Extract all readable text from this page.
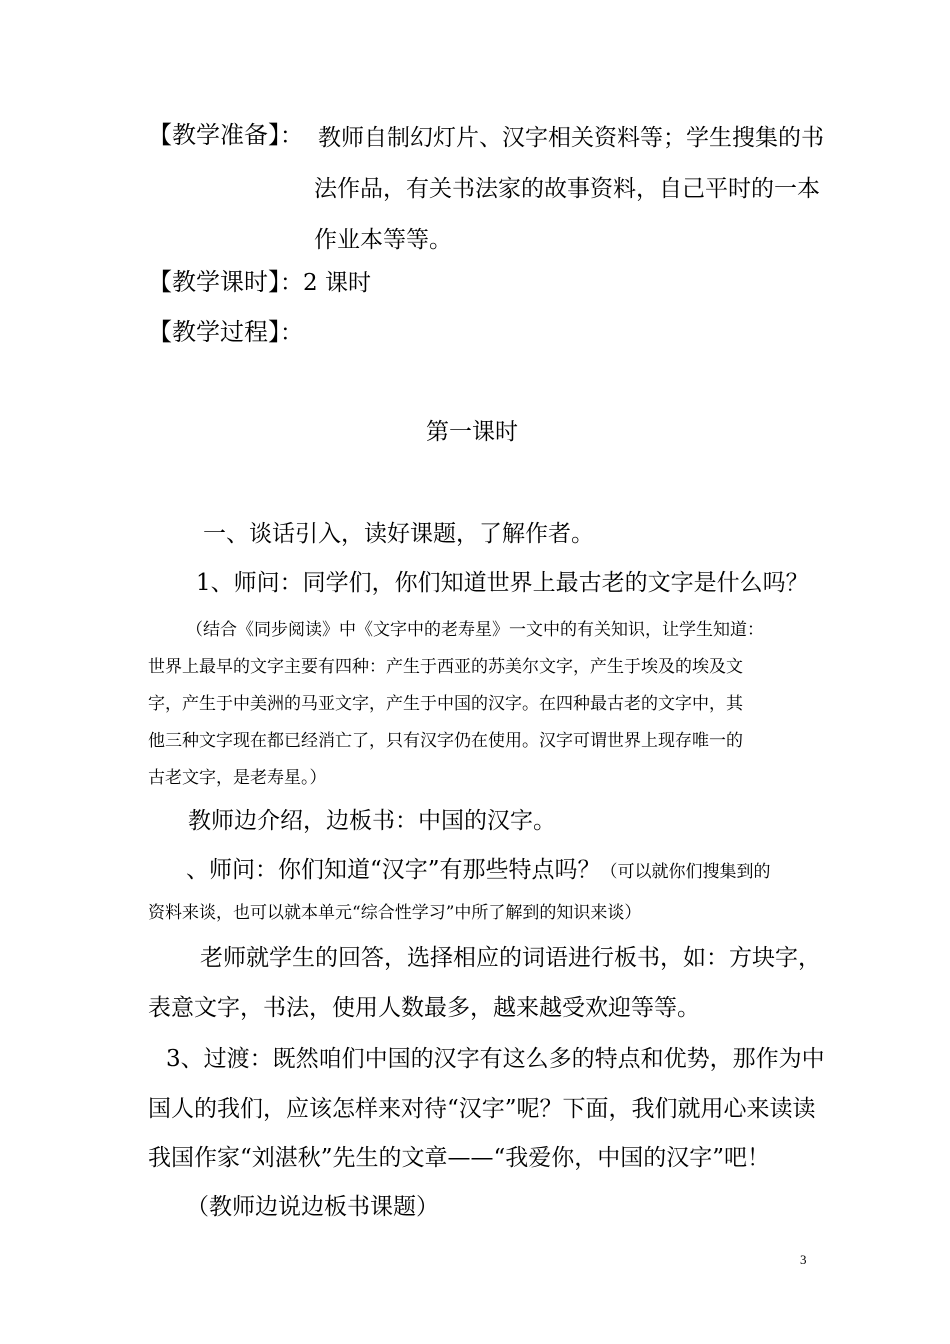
【教学准备】： 教师自制幻灯片、汉字相关资料等；学生搜集的书
法作品，有关书法家的故事资料，自己平时的一本
作业本等等。
【教学课时】：2 课时
【教学过程】：
第一课时
一、谈话引入，读好课题，了解作者。
1、师问：同学们，你们知道世界上最古老的文字是什么吗？
（结合《同步阅读》中《文字中的老寿星》一文中的有关知识，让学生知道：
世界上最早的文字主要有四种：产生于西亚的苏美尔文字，产生于埃及的埃及文
字，产生于中美洲的马亚文字，产生于中国的汉字。在四种最古老的文字中，其
他三种文字现在都已经消亡了，只有汉字仍在使用。汉字可谓世界上现存唯一的
古老文字，是老寿星。）
教师边介绍，边板书：中国的汉字。
、师问：你们知道“汉字”有那些特点吗？（可以就你们搜集到的
资料来谈，也可以就本单元“综合性学习”中所了解到的知识来谈）
老师就学生的回答，选择相应的词语进行板书，如：方块字，
表意文字，书法，使用人数最多，越来越受欢迎等等。
3、过渡：既然咱们中国的汉字有这么多的特点和优势，那作为中
国人的我们，应该怎样来对待“汉字”呢？下面，我们就用心来读读
我国作家“刘湛秋”先生的文章——“我爱你，中国的汉字”吧！
（教师边说边板书课题）
3
